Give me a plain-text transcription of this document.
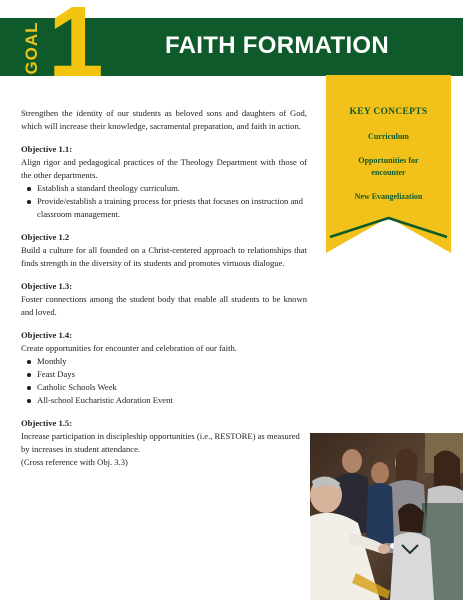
GOAL 1	FAITH FORMATION

Strengthen the identity of our students as beloved sons and daughters of God, which will increase their knowledge, sacramental preparation, and faith in action.

Objective 1.1:

Align rigor and pedagogical practices of the Theology Department with those of the other departments.

Establish a standard theology curriculum.
Provide/establish a training process for priests that focuses on instruction and classroom management.

Objective 1.2

Build a culture for all founded on a Christ-centered approach to relationships that finds strength in the diversity of its students and promotes virtuous dialogue.

Objective 1.3:

Foster connections among the student body that enable all students to be known and loved.

Objective 1.4:

Create opportunities for encounter and celebration of our faith.

Monthly
Feast Days
Catholic Schools Week
All-school Eucharistic Adoration Event

Objective 1.5:

Increase participation in discipleship opportunities (i.e., RESTORE) as measured by increases in student attendance.

(Cross reference with Obj. 3.3)

KEY CONCEPTS
Curriculum
Opportunities for encounter
New Evangelization
